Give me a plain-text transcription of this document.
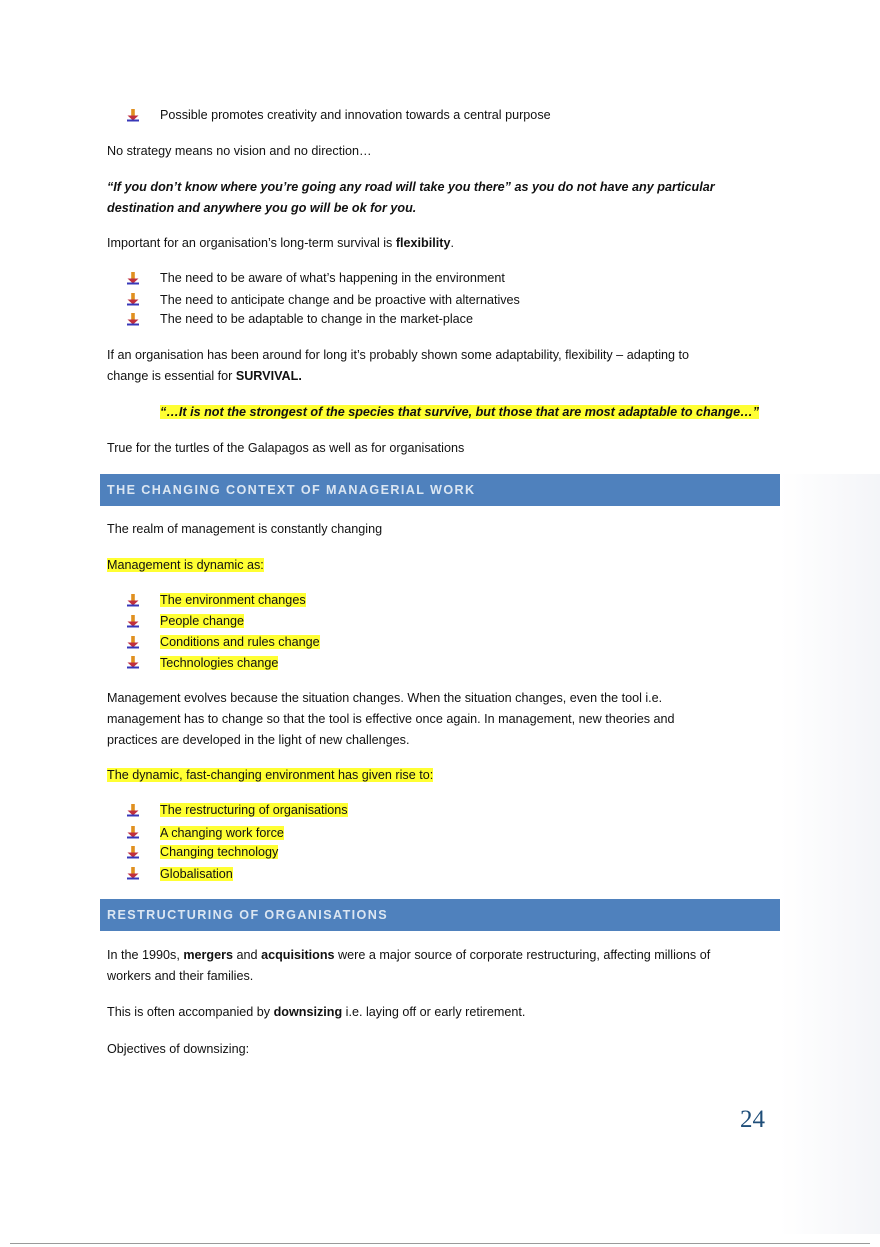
Possible promotes creativity and innovation towards a central purpose
No strategy means no vision and no direction…
“If you don’t know where you’re going any road will take you there” as you do not have any particular
destination and anywhere you go will be ok for you.
Important for an organisation’s long-term survival is flexibility.
The need to be aware of what’s happening in the environment
The need to anticipate change and be proactive with alternatives
The need to be adaptable to change in the market-place
If an organisation has been around for long it’s probably shown some adaptability, flexibility – adapting to
change is essential for SURVIVAL.
“…It is not the strongest of the species that survive, but those that are most adaptable to change…”
True for the turtles of the Galapagos as well as for organisations
THE CHANGING CONTEXT OF MANAGERIAL WORK
The realm of management is constantly changing
Management is dynamic as:
The environment changes
People change
Conditions and rules change
Technologies change
Management evolves because the situation changes. When the situation changes, even the tool i.e.
management has to change so that the tool is effective once again. In management, new theories and
practices are developed in the light of new challenges.
The dynamic, fast-changing environment has given rise to:
The restructuring of organisations
A changing work force
Changing technology
Globalisation
RESTRUCTURING OF ORGANISATIONS
In the 1990s, mergers and acquisitions were a major source of corporate restructuring, affecting millions of
workers and their families.
This is often accompanied by downsizing i.e. laying off or early retirement.
Objectives of downsizing:
24
